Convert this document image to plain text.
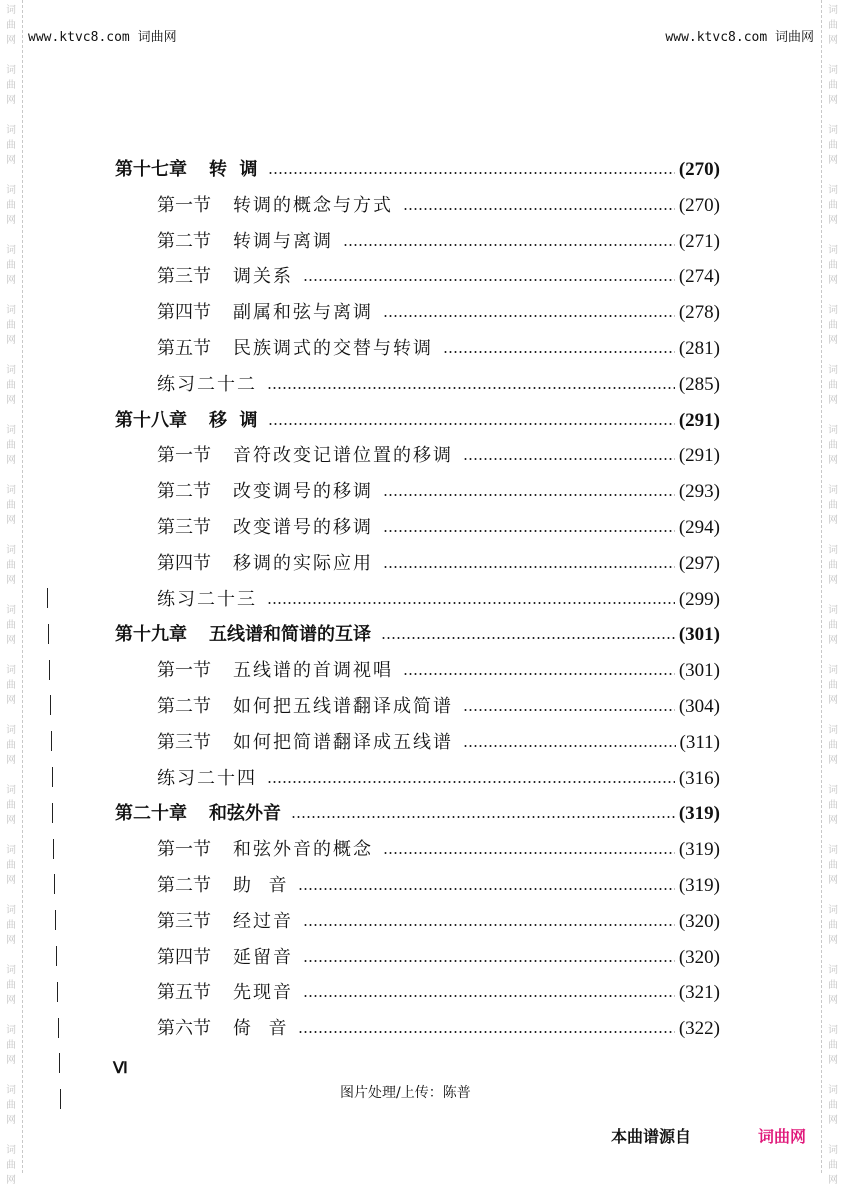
词
曲
网
词
曲
网
词
曲
网
词
曲
网
词
曲
网
词
曲
网
词
曲
网
词
曲
网
词
曲
网
词
曲
网
词
曲
网
词
曲
网
词
曲
网
词
曲
网
词
曲
网
词
曲
网
词
曲
网
词
曲
网
词
曲
网
词
曲
网
词
曲
网
词
曲
网
词
曲
网
词
曲
网
词
曲
网
词
曲
网
词
曲
网
词
曲
网
词
曲
网
词
曲
网
词
曲
网
词
曲
网
词
曲
网
词
曲
网
词
曲
网
词
曲
网
词
曲
网
词
曲
网
词
曲
网
词
曲
网
www.ktvc8.com 词曲网	www.ktvc8.com 词曲网
第十七章 转  调	(270)
第一节 转调的概念与方式	(270)
第二节 转调与离调	(271)
第三节 调关系	(274)
第四节 副属和弦与离调	(278)
第五节 民族调式的交替与转调	(281)
练习二十二	(285)
第十八章 移  调	(291)
第一节 音符改变记谱位置的移调	(291)
第二节 改变调号的移调	(293)
第三节 改变谱号的移调	(294)
第四节 移调的实际应用	(297)
练习二十三	(299)
第十九章 五线谱和简谱的互译	(301)
第一节 五线谱的首调视唱	(301)
第二节 如何把五线谱翻译成简谱	(304)
第三节 如何把简谱翻译成五线谱	(311)
练习二十四	(316)
第二十章 和弦外音	(319)
第一节 和弦外音的概念	(319)
第二节 助  音	(319)
第三节 经过音	(320)
第四节 延留音	(320)
第五节 先现音	(321)
第六节 倚  音	(322)
Ⅵ
图片处理/上传：陈普
本曲谱源自	词曲网
